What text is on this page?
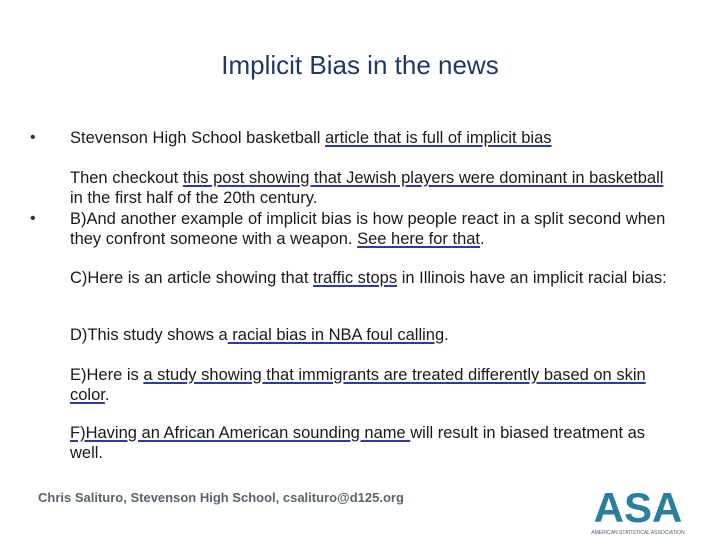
Implicit Bias in the news
• Stevenson High School basketball article that is full of implicit bias
Then checkout this post showing that Jewish players were dominant in basketball in the first half of the 20th century.
• B)And another example of implicit bias is how people react in a split second when they confront someone with a weapon. See here for that.
C)Here is an article showing that traffic stops in Illinois have an implicit racial bias:
D)This study shows a racial bias in NBA foul calling.
E)Here is a study showing that immigrants are treated differently based on skin color.
F)Having an African American sounding name will result in biased treatment as well.
Chris Salituro, Stevenson High School, csalituro@d125.org	ASA
AMERICAN STATISTICAL ASSOCIATION
